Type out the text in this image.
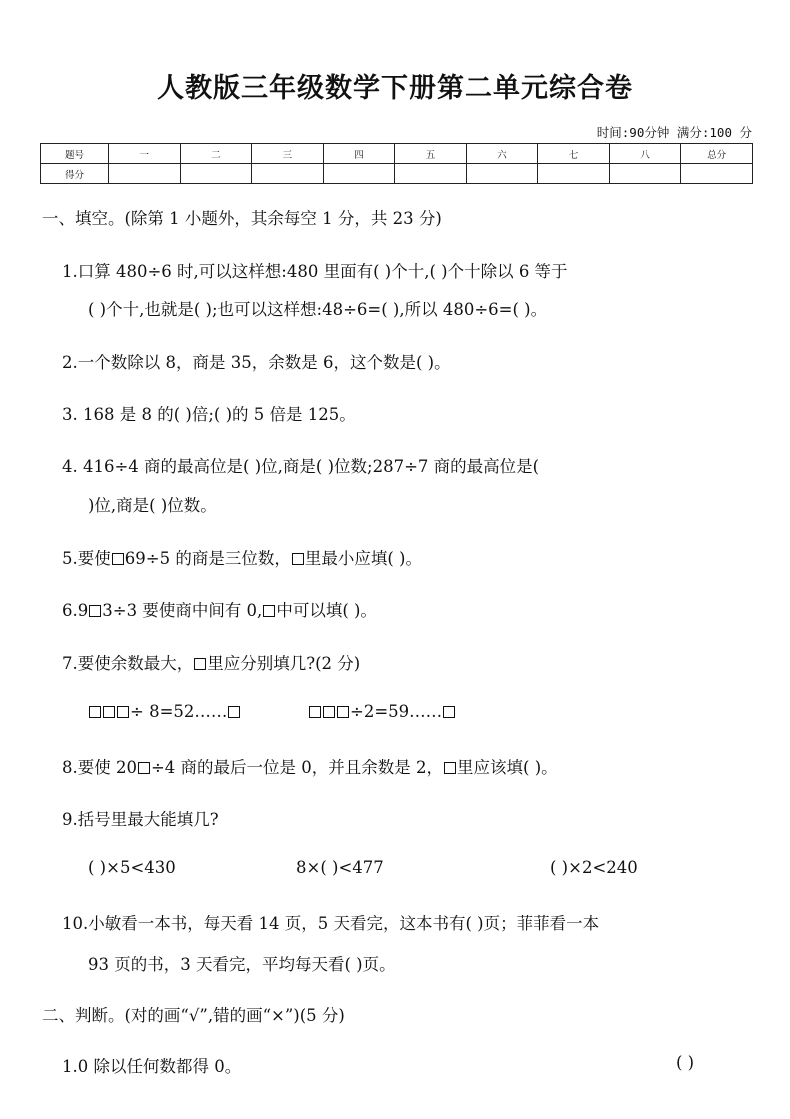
人教版三年级数学下册第二单元综合卷
时间:90分钟 满分:100 分
题号	一	二	三	四	五	六	七	八	总分
得分									
一、填空。(除第 1 小题外，其余每空 1 分，共 23 分)
1.口算 480÷6 时,可以这样想:480 里面有( )个十,( )个十除以 6 等于
( )个十,也就是( );也可以这样想:48÷6=( ),所以 480÷6=( )。
2.一个数除以 8，商是 35，余数是 6，这个数是( )。
3. 168 是 8 的( )倍;( )的 5 倍是 125。
4. 416÷4 商的最高位是( )位,商是( )位数;287÷7 商的最高位是(
)位,商是( )位数。
5.要使 69÷5 的商是三位数， 里最小应填( )。
6.9 3÷3 要使商中间有 0, 中可以填( )。
7.要使余数最大， 里应分别填几?(2 分)
÷ 8=52……	÷2=59……
8.要使 20 ÷4 商的最后一位是 0，并且余数是 2， 里应该填( )。
9.括号里最大能填几?
( )×5<430	8×( )<477	( )×2<240
10.小敏看一本书，每天看 14 页，5 天看完，这本书有( )页；菲菲看一本
93 页的书，3 天看完，平均每天看( )页。
二、判断。(对的画“√”,错的画“×”)(5 分)
1.0 除以任何数都得 0。	( )
